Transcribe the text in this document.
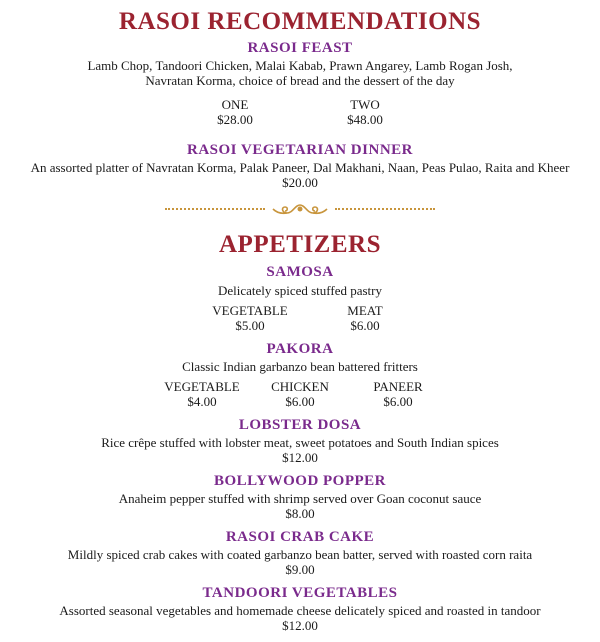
RASOI RECOMMENDATIONS
RASOI FEAST
Lamb Chop, Tandoori Chicken, Malai Kabab, Prawn Angarey, Lamb Rogan Josh,
Navratan Korma, choice of bread and the dessert of the day
ONE
$28.00
TWO
$48.00
RASOI VEGETARIAN DINNER
An assorted platter of Navratan Korma, Palak Paneer, Dal Makhani, Naan, Peas Pulao, Raita and Kheer
$20.00
APPETIZERS
SAMOSA
Delicately spiced stuffed pastry
VEGETABLE
$5.00
MEAT
$6.00
PAKORA
Classic Indian garbanzo bean battered fritters
VEGETABLE
$4.00
CHICKEN
$6.00
PANEER
$6.00
LOBSTER DOSA
Rice crêpe stuffed with lobster meat, sweet potatoes and South Indian spices
$12.00
BOLLYWOOD POPPER
Anaheim pepper stuffed with shrimp served over Goan coconut sauce
$8.00
RASOI CRAB CAKE
Mildly spiced crab cakes with coated garbanzo bean batter, served with roasted corn raita
$9.00
TANDOORI VEGETABLES
Assorted seasonal vegetables and homemade cheese delicately spiced and roasted in tandoor
$12.00
